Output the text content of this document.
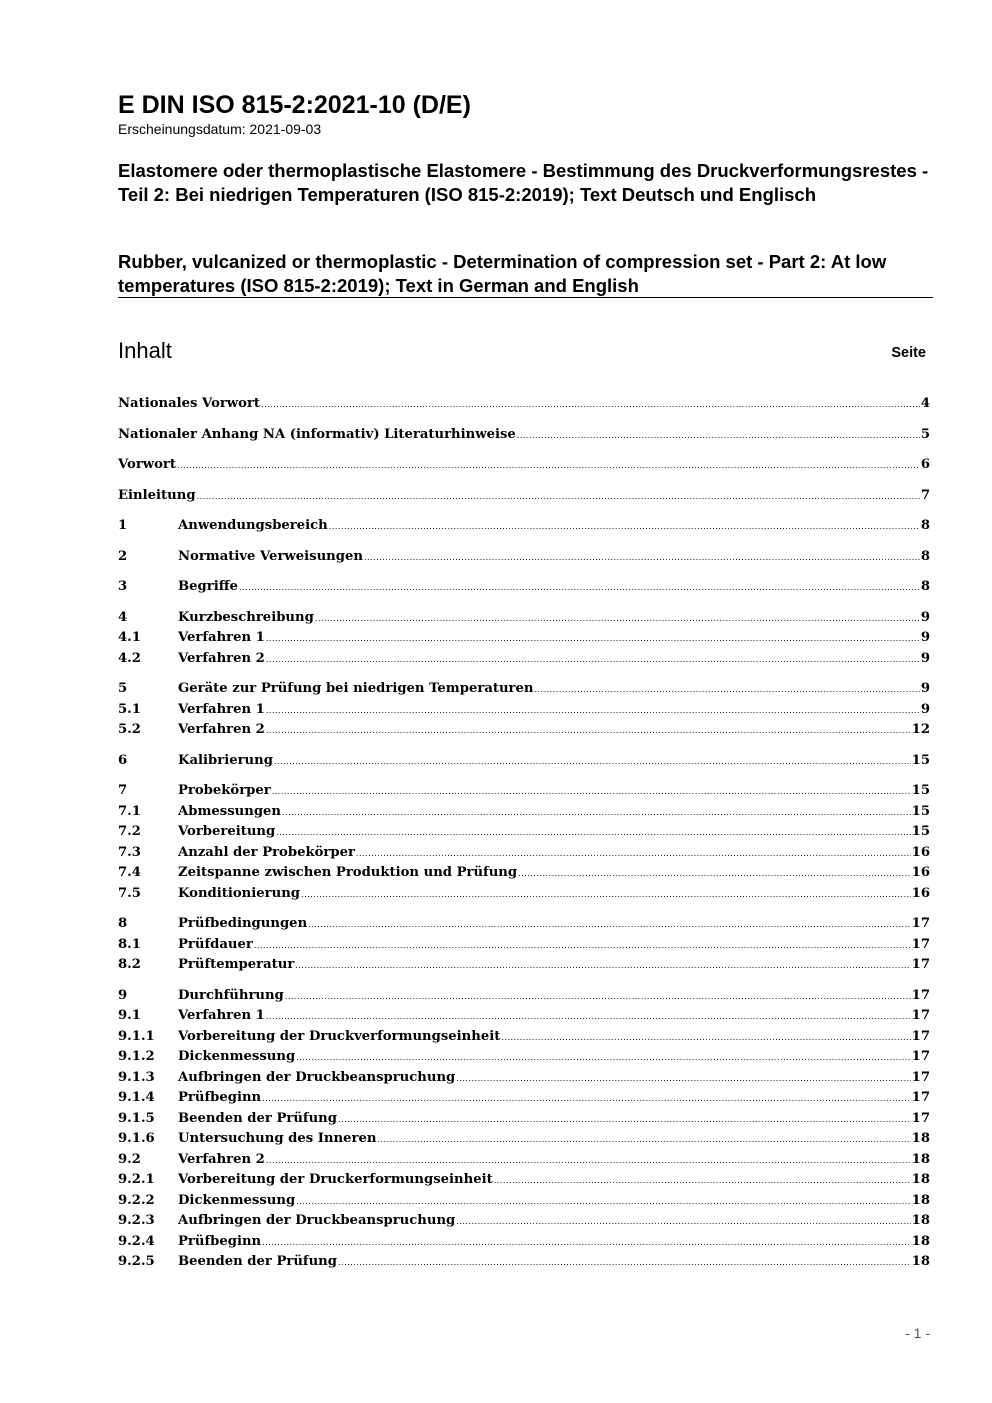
E DIN ISO 815-2:2021-10 (D/E)
Erscheinungsdatum: 2021-09-03
Elastomere oder thermoplastische Elastomere - Bestimmung des Druckverformungsrestes - Teil 2: Bei niedrigen Temperaturen (ISO 815-2:2019); Text Deutsch und Englisch
Rubber, vulcanized or thermoplastic - Determination of compression set - Part 2: At low temperatures (ISO 815-2:2019); Text in German and English
Inhalt	Seite
Nationales Vorwort .....	4
Nationaler Anhang NA (informativ) Literaturhinweise .....	5
Vorwort .....	6
Einleitung .....	7
1	Anwendungsbereich .....	8
2	Normative Verweisungen .....	8
3	Begriffe .....	8
4	Kurzbeschreibung .....	9
4.1	Verfahren 1 .....	9
4.2	Verfahren 2 .....	9
5	Geräte zur Prüfung bei niedrigen Temperaturen .....	9
5.1	Verfahren 1 .....	9
5.2	Verfahren 2 .....	12
6	Kalibrierung .....	15
7	Probekörper .....	15
7.1	Abmessungen .....	15
7.2	Vorbereitung .....	15
7.3	Anzahl der Probekörper .....	16
7.4	Zeitspanne zwischen Produktion und Prüfung .....	16
7.5	Konditionierung .....	16
8	Prüfbedingungen .....	17
8.1	Prüfdauer .....	17
8.2	Prüftemperatur .....	17
9	Durchführung .....	17
9.1	Verfahren 1 .....	17
9.1.1	Vorbereitung der Druckverformungseinheit .....	17
9.1.2	Dickenmessung .....	17
9.1.3	Aufbringen der Druckbeanspruchung .....	17
9.1.4	Prüfbeginn .....	17
9.1.5	Beenden der Prüfung .....	17
9.1.6	Untersuchung des Inneren .....	18
9.2	Verfahren 2 .....	18
9.2.1	Vorbereitung der Druckerformungseinheit .....	18
9.2.2	Dickenmessung .....	18
9.2.3	Aufbringen der Druckbeanspruchung .....	18
9.2.4	Prüfbeginn .....	18
9.2.5	Beenden der Prüfung .....	18
- 1 -
